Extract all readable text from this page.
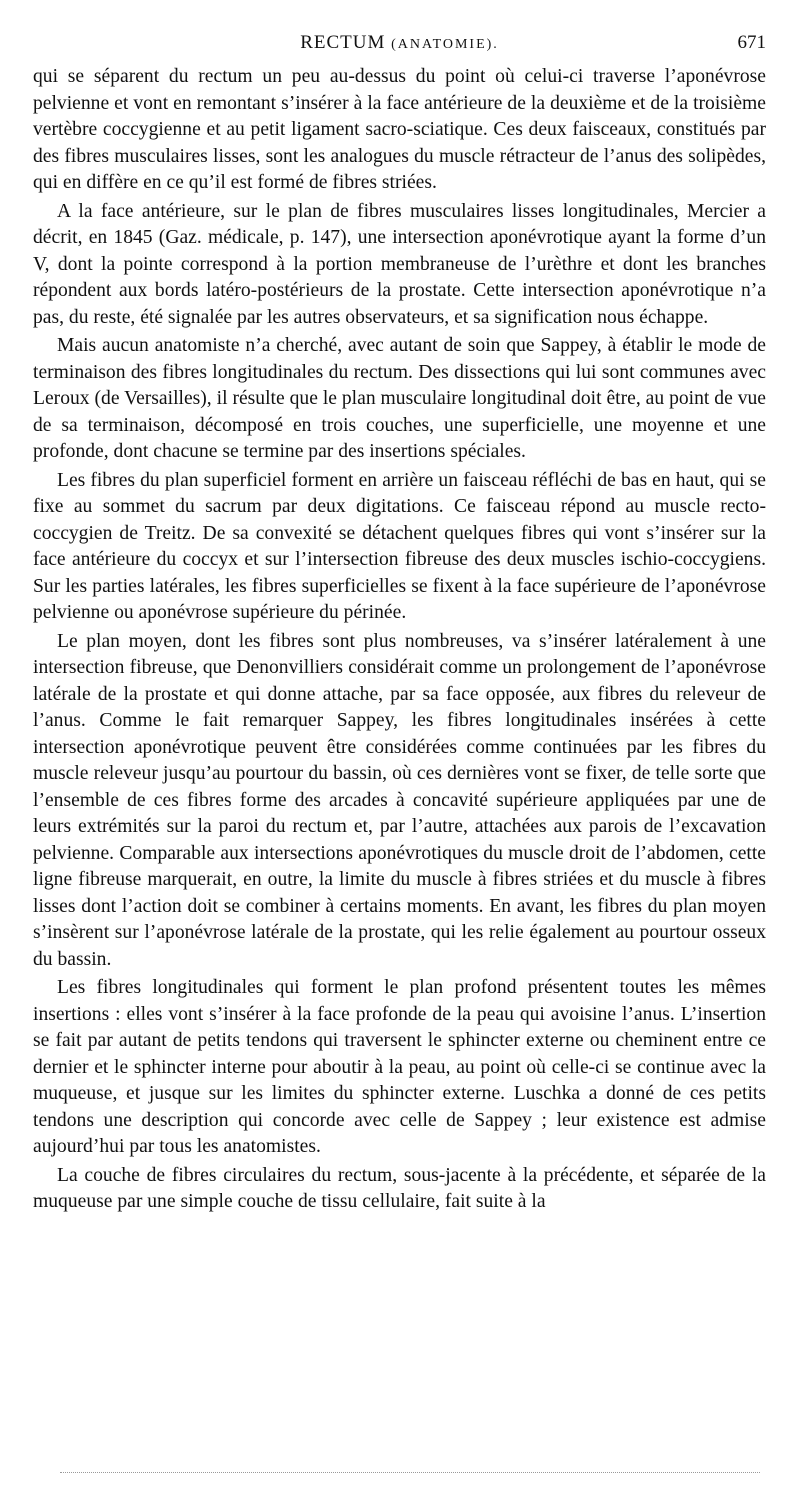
RECTUM (ANATOMIE).	671

qui se séparent du rectum un peu au-dessus du point où celui-ci traverse l’aponévrose pelvienne et vont en remontant s’insérer à la face antérieure de la deuxième et de la troisième vertèbre coccygienne et au petit ligament sacro-sciatique. Ces deux faisceaux, constitués par des fibres musculaires lisses, sont les analogues du muscle rétracteur de l’anus des solipèdes, qui en diffère en ce qu’il est formé de fibres striées.

A la face antérieure, sur le plan de fibres musculaires lisses longitudinales, Mercier a décrit, en 1845 (Gaz. médicale, p. 147), une intersection aponévrotique ayant la forme d’un V, dont la pointe correspond à la portion membraneuse de l’urèthre et dont les branches répondent aux bords latéro-postérieurs de la prostate. Cette intersection aponévrotique n’a pas, du reste, été signalée par les autres observateurs, et sa signification nous échappe.

Mais aucun anatomiste n’a cherché, avec autant de soin que Sappey, à établir le mode de terminaison des fibres longitudinales du rectum. Des dissections qui lui sont communes avec Leroux (de Versailles), il résulte que le plan musculaire longitudinal doit être, au point de vue de sa terminaison, décomposé en trois couches, une superficielle, une moyenne et une profonde, dont chacune se termine par des insertions spéciales.

Les fibres du plan superficiel forment en arrière un faisceau réfléchi de bas en haut, qui se fixe au sommet du sacrum par deux digitations. Ce faisceau répond au muscle recto-coccygien de Treitz. De sa convexité se détachent quelques fibres qui vont s’insérer sur la face antérieure du coccyx et sur l’intersection fibreuse des deux muscles ischio-coccygiens. Sur les parties latérales, les fibres superficielles se fixent à la face supérieure de l’aponévrose pelvienne ou aponévrose supérieure du périnée.

Le plan moyen, dont les fibres sont plus nombreuses, va s’insérer latéralement à une intersection fibreuse, que Denonvilliers considérait comme un prolongement de l’aponévrose latérale de la prostate et qui donne attache, par sa face opposée, aux fibres du releveur de l’anus. Comme le fait remarquer Sappey, les fibres longitudinales insérées à cette intersection aponévrotique peuvent être considérées comme continuées par les fibres du muscle releveur jusqu’au pourtour du bassin, où ces dernières vont se fixer, de telle sorte que l’ensemble de ces fibres forme des arcades à concavité supérieure appliquées par une de leurs extrémités sur la paroi du rectum et, par l’autre, attachées aux parois de l’excavation pelvienne. Comparable aux intersections aponévrotiques du muscle droit de l’abdomen, cette ligne fibreuse marquerait, en outre, la limite du muscle à fibres striées et du muscle à fibres lisses dont l’action doit se combiner à certains moments. En avant, les fibres du plan moyen s’insèrent sur l’aponévrose latérale de la prostate, qui les relie également au pourtour osseux du bassin.

Les fibres longitudinales qui forment le plan profond présentent toutes les mêmes insertions : elles vont s’insérer à la face profonde de la peau qui avoisine l’anus. L’insertion se fait par autant de petits tendons qui traversent le sphincter externe ou cheminent entre ce dernier et le sphincter interne pour aboutir à la peau, au point où celle-ci se continue avec la muqueuse, et jusque sur les limites du sphincter externe. Luschka a donné de ces petits tendons une description qui concorde avec celle de Sappey ; leur existence est admise aujourd’hui par tous les anatomistes.

La couche de fibres circulaires du rectum, sous-jacente à la précédente, et séparée de la muqueuse par une simple couche de tissu cellulaire, fait suite à la
